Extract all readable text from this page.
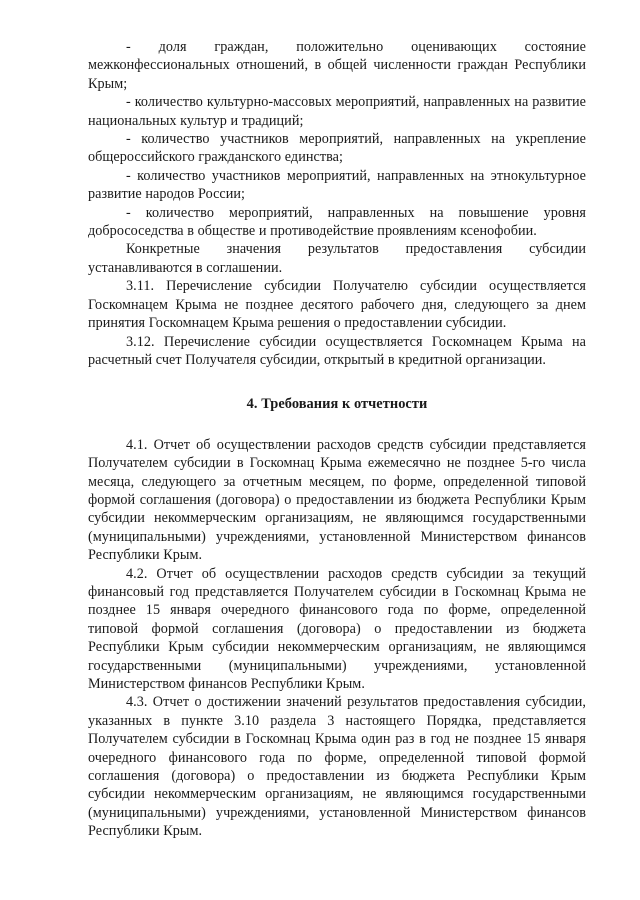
- доля граждан, положительно оценивающих состояние межконфессиональных отношений, в общей численности граждан Республики Крым;

- количество культурно-массовых мероприятий, направленных на развитие национальных культур и традиций;

- количество участников мероприятий, направленных на укрепление общероссийского гражданского единства;

- количество участников мероприятий, направленных на этнокультурное развитие народов России;

- количество мероприятий, направленных на повышение уровня добрососедства в обществе и противодействие проявлениям ксенофобии.

Конкретные значения результатов предоставления субсидии устанавливаются в соглашении.

3.11. Перечисление субсидии Получателю субсидии осуществляется Госкомнацем Крыма не позднее десятого рабочего дня, следующего за днем принятия Госкомнацем Крыма решения о предоставлении субсидии.

3.12. Перечисление субсидии осуществляется Госкомнацем Крыма на расчетный счет Получателя субсидии, открытый в кредитной организации.

4. Требования к отчетности

4.1. Отчет об осуществлении расходов средств субсидии представляется Получателем субсидии в Госкомнац Крыма ежемесячно не позднее 5-го числа месяца, следующего за отчетным месяцем, по форме, определенной типовой формой соглашения (договора) о предоставлении из бюджета Республики Крым субсидии некоммерческим организациям, не являющимся государственными (муниципальными) учреждениями, установленной Министерством финансов Республики Крым.

4.2. Отчет об осуществлении расходов средств субсидии за текущий финансовый год представляется Получателем субсидии в Госкомнац Крыма не позднее 15 января очередного финансового года по форме, определенной типовой формой соглашения (договора) о предоставлении из бюджета Республики Крым субсидии некоммерческим организациям, не являющимся государственными (муниципальными) учреждениями, установленной Министерством финансов Республики Крым.

4.3. Отчет о достижении значений результатов предоставления субсидии, указанных в пункте 3.10 раздела 3 настоящего Порядка, представляется Получателем субсидии в Госкомнац Крыма один раз в год не позднее 15 января очередного финансового года по форме, определенной типовой формой соглашения (договора) о предоставлении из бюджета Республики Крым субсидии некоммерческим организациям, не являющимся государственными (муниципальными) учреждениями, установленной Министерством финансов Республики Крым.
